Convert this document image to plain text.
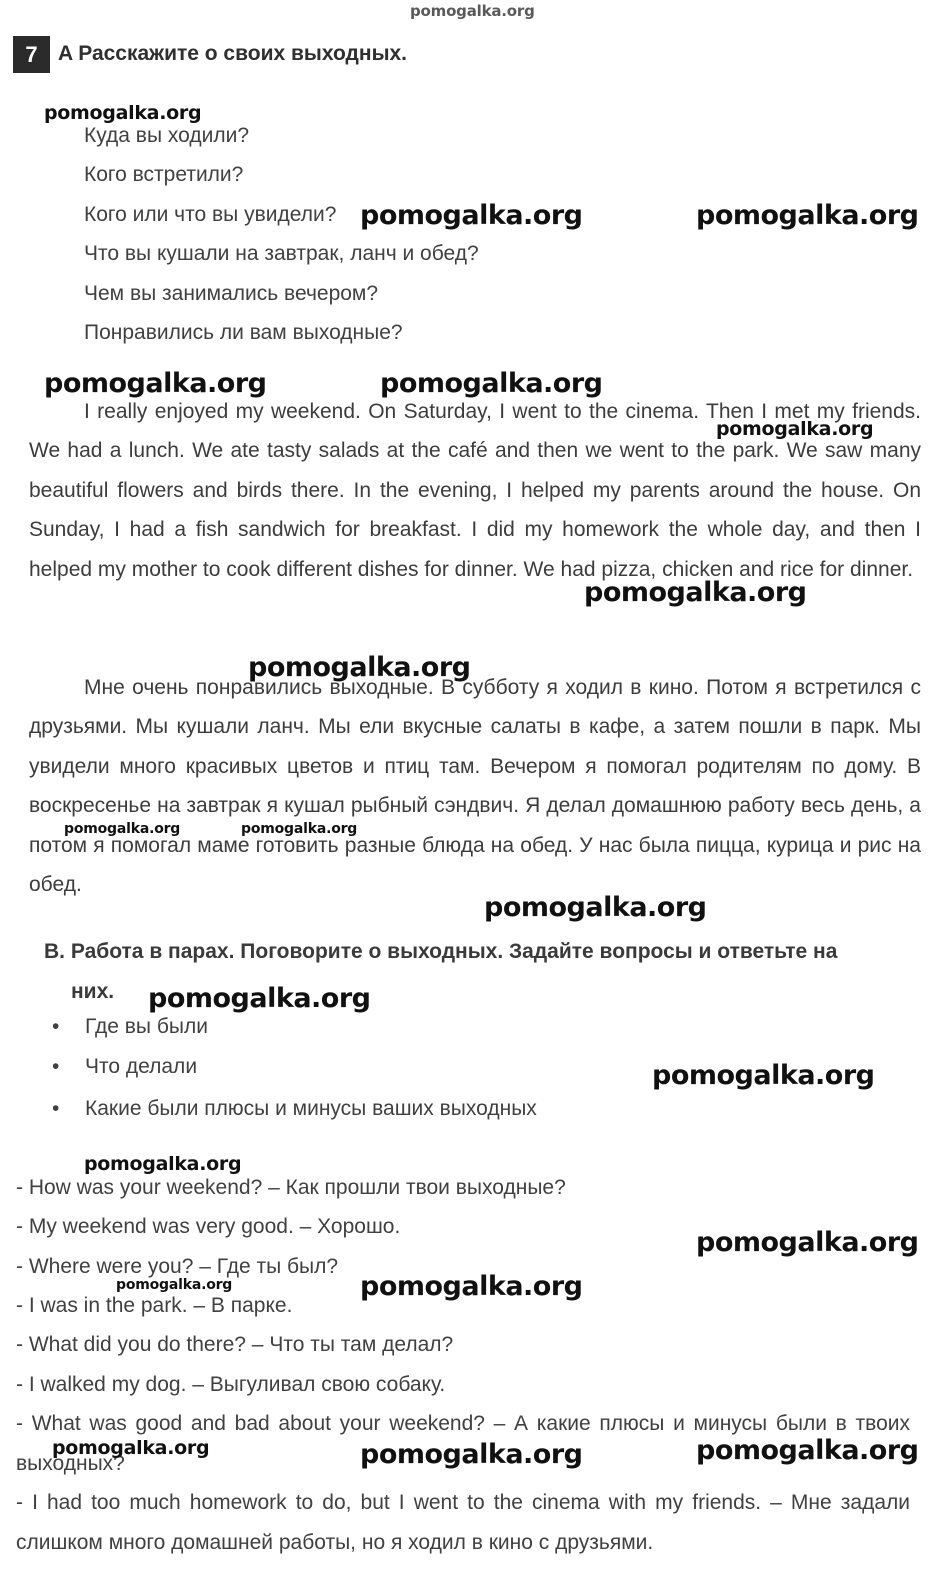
pomogalka.org
7 A Расскажите о своих выходных.
Куда вы ходили?
Кого встретили?
Кого или что вы увидели?
Что вы кушали на завтрак, ланч и обед?
Чем вы занимались вечером?
Понравились ли вам выходные?

I really enjoyed my weekend. On Saturday, I went to the cinema. Then I met my friends. We had a lunch. We ate tasty salads at the café and then we went to the park. We saw many beautiful flowers and birds there. In the evening, I helped my parents around the house. On Sunday, I had a fish sandwich for breakfast. I did my homework the whole day, and then I helped my mother to cook different dishes for dinner. We had pizza, chicken and rice for dinner.

Мне очень понравились выходные. В субботу я ходил в кино. Потом я встретился с друзьями. Мы кушали ланч. Мы ели вкусные салаты в кафе, а затем пошли в парк. Мы увидели много красивых цветов и птиц там. Вечером я помогал родителям по дому. В воскресенье на завтрак я кушал рыбный сэндвич. Я делал домашнюю работу весь день, а потом я помогал маме готовить разные блюда на обед. У нас была пицца, курица и рис на обед.

B. Работа в парах. Поговорите о выходных. Задайте вопросы и ответьте на
них.
• Где вы были
• Что делали
• Какие были плюсы и минусы ваших выходных
- How was your weekend? – Как прошли твои выходные?
- My weekend was very good. – Хорошо.
- Where were you? – Где ты был?
- I was in the park. – В парке.
- What did you do there? – Что ты там делал?
- I walked my dog. – Выгуливал свою собаку.
- What was good and bad about your weekend? – А какие плюсы и минусы были в твоих выходных?
- I had too much homework to do, but I went to the cinema with my friends. – Мне задали слишком много домашней работы, но я ходил в кино с друзьями.
pomogalka.org
pomogalka.org	pomogalka.org
pomogalka.org	pomogalka.org
pomogalka.org
pomogalka.org
pomogalka.org
pomogalka.org	pomogalka.org
pomogalka.org
pomogalka.org
pomogalka.org
pomogalka.org
pomogalka.org
pomogalka.org	pomogalka.org
pomogalka.org	pomogalka.org	pomogalka.org
